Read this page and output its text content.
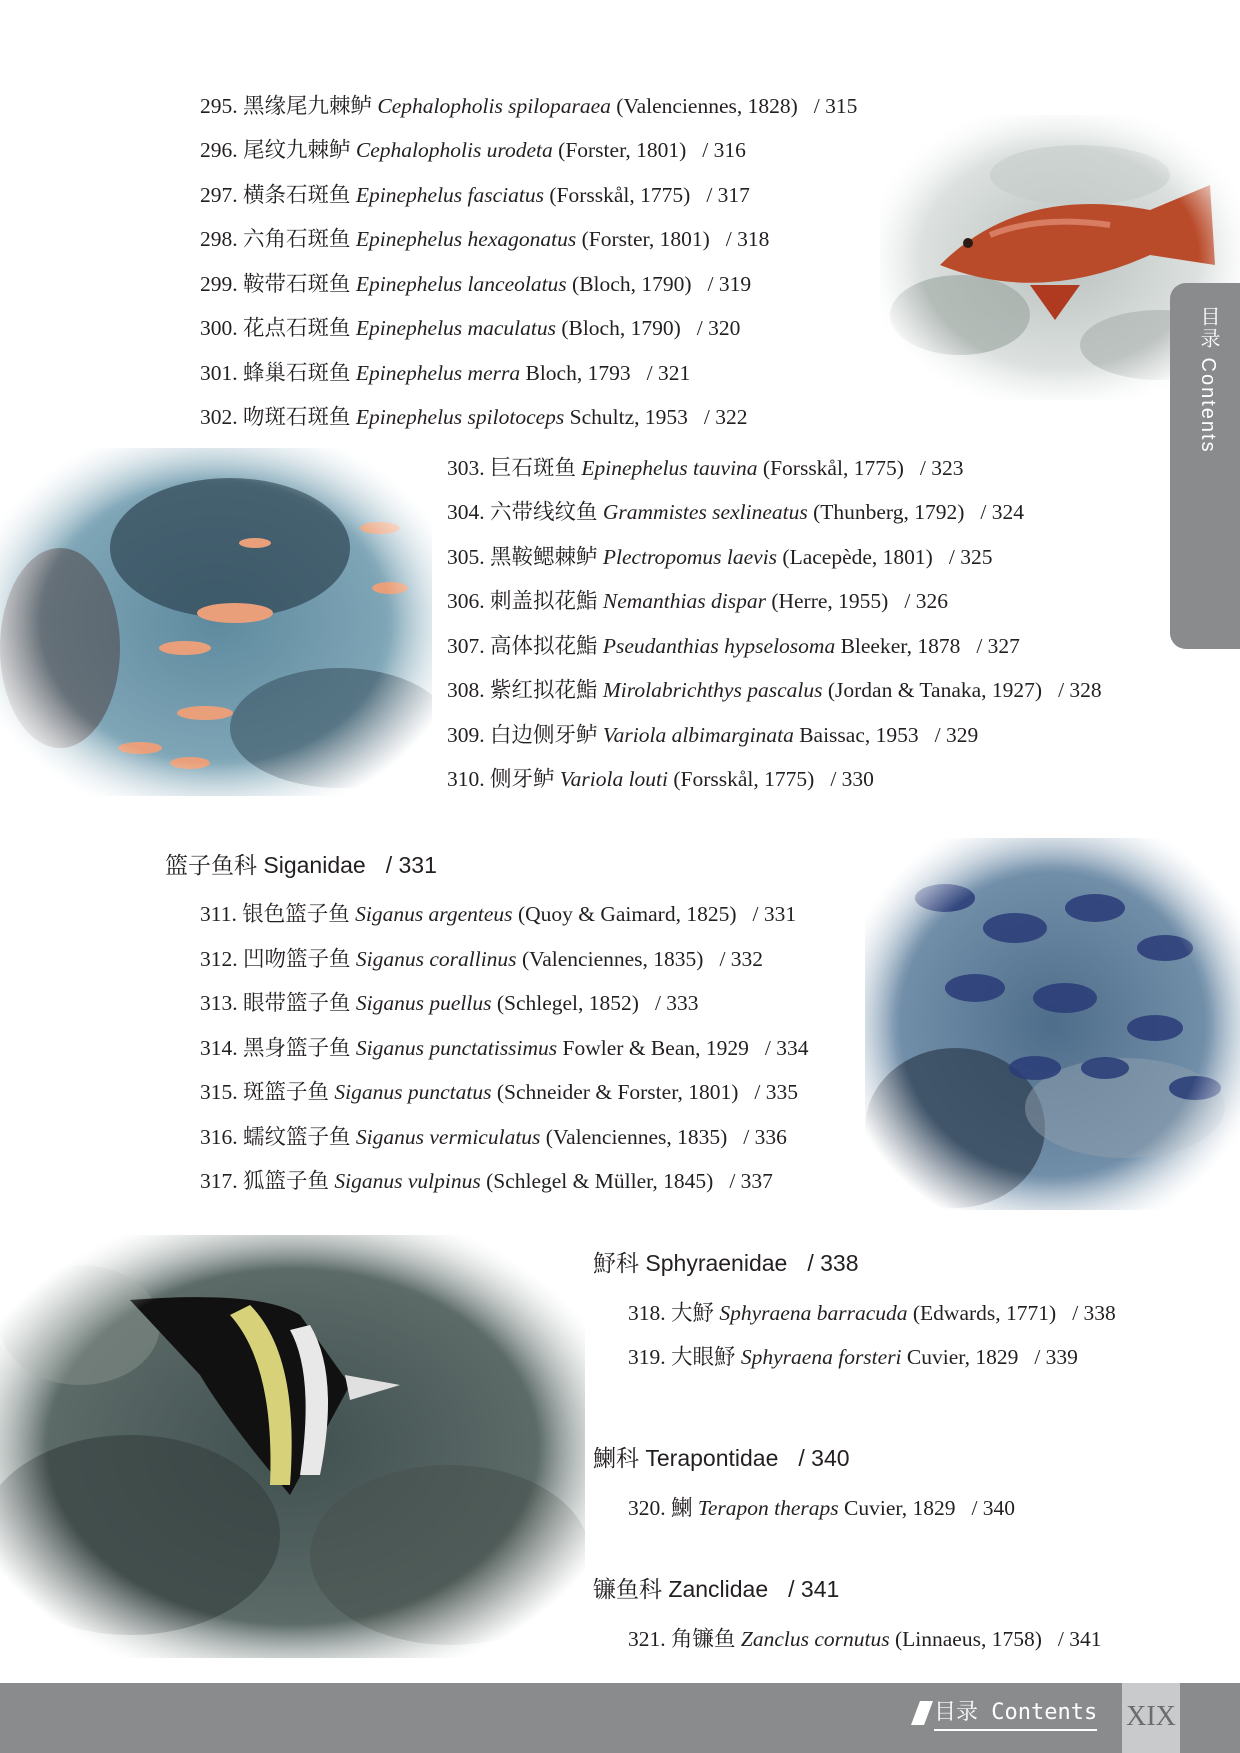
295. 黑缘尾九棘鲈 Cephalopholis spiloparaea (Valenciennes, 1828) / 315
296. 尾纹九棘鲈 Cephalopholis urodeta (Forster, 1801) / 316
297. 横条石斑鱼 Epinephelus fasciatus (Forsskål, 1775) / 317
298. 六角石斑鱼 Epinephelus hexagonatus (Forster, 1801) / 318
299. 鞍带石斑鱼 Epinephelus lanceolatus (Bloch, 1790) / 319
300. 花点石斑鱼 Epinephelus maculatus (Bloch, 1790) / 320
301. 蜂巢石斑鱼 Epinephelus merra Bloch, 1793 / 321
302. 吻斑石斑鱼 Epinephelus spilotoceps Schultz, 1953 / 322
303. 巨石斑鱼 Epinephelus tauvina (Forsskål, 1775) / 323
304. 六带线纹鱼 Grammistes sexlineatus (Thunberg, 1792) / 324
305. 黑鞍鳃棘鲈 Plectropomus laevis (Lacepède, 1801) / 325
306. 刺盖拟花鮨 Nemanthias dispar (Herre, 1955) / 326
307. 高体拟花鮨 Pseudanthias hypselosoma Bleeker, 1878 / 327
308. 紫红拟花鮨 Mirolabrichthys pascalus (Jordan & Tanaka, 1927) / 328
309. 白边侧牙鲈 Variola albimarginata Baissac, 1953 / 329
310. 侧牙鲈 Variola louti (Forsskål, 1775) / 330
篮子鱼科 Siganidae / 331
311. 银色篮子鱼 Siganus argenteus (Quoy & Gaimard, 1825) / 331
312. 凹吻篮子鱼 Siganus corallinus (Valenciennes, 1835) / 332
313. 眼带篮子鱼 Siganus puellus (Schlegel, 1852) / 333
314. 黑身篮子鱼 Siganus punctatissimus Fowler & Bean, 1929 / 334
315. 斑篮子鱼 Siganus punctatus (Schneider & Forster, 1801) / 335
316. 蠕纹篮子鱼 Siganus vermiculatus (Valenciennes, 1835) / 336
317. 狐篮子鱼 Siganus vulpinus (Schlegel & Müller, 1845) / 337
魣科 Sphyraenidae / 338
318. 大魣 Sphyraena barracuda (Edwards, 1771) / 338
319. 大眼魣 Sphyraena forsteri Cuvier, 1829 / 339
鯻科 Terapontidae / 340
320. 鯻 Terapon theraps Cuvier, 1829 / 340
镰鱼科 Zanclidae / 341
321. 角镰鱼 Zanclus cornutus (Linnaeus, 1758) / 341
目录 Contents
目录 Contents XIX
